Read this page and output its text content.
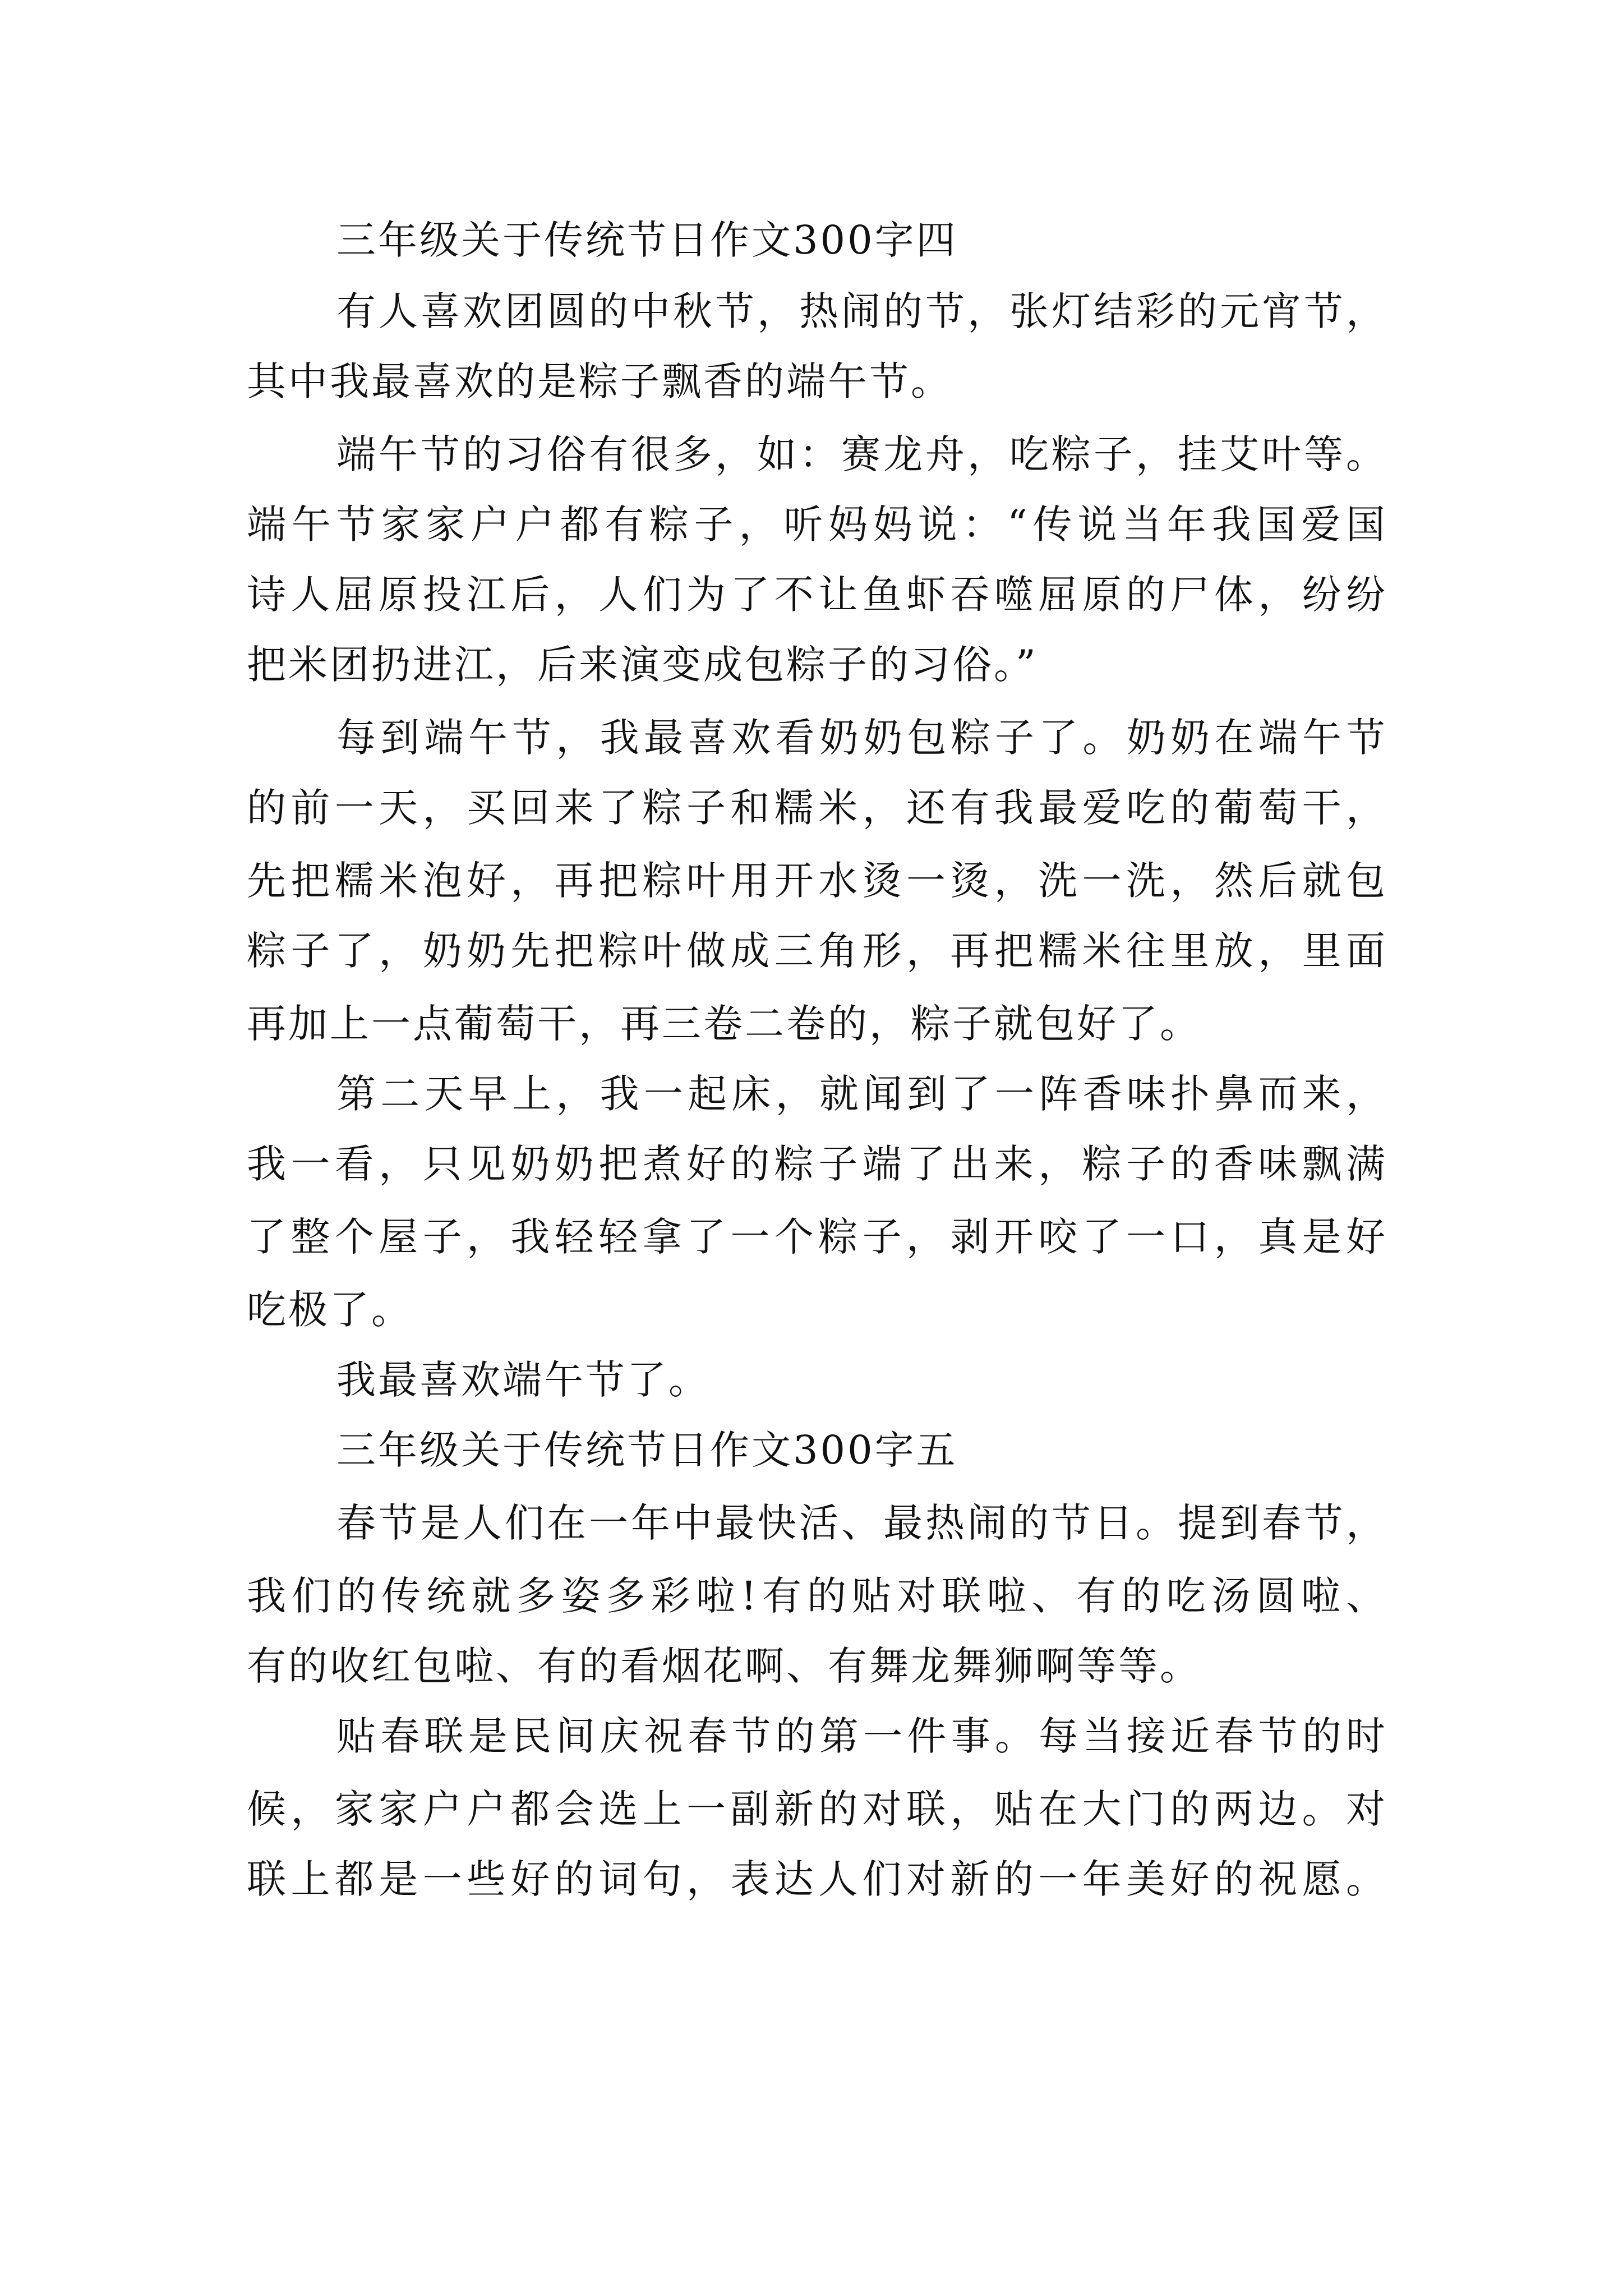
三年级关于传统节日作文300字四
有人喜欢团圆的中秋节，热闹的节，张灯结彩的元宵节，
其中我最喜欢的是粽子飘香的端午节。
端午节的习俗有很多，如：赛龙舟，吃粽子，挂艾叶等。
端午节家家户户都有粽子，听妈妈说：“传说当年我国爱国
诗人屈原投江后，人们为了不让鱼虾吞噬屈原的尸体，纷纷
把米团扔进江，后来演变成包粽子的习俗。”
每到端午节，我最喜欢看奶奶包粽子了。奶奶在端午节
的前一天，买回来了粽子和糯米，还有我最爱吃的葡萄干，
先把糯米泡好，再把粽叶用开水烫一烫，洗一洗，然后就包
粽子了，奶奶先把粽叶做成三角形，再把糯米往里放，里面
再加上一点葡萄干，再三卷二卷的，粽子就包好了。
第二天早上，我一起床，就闻到了一阵香味扑鼻而来，
我一看，只见奶奶把煮好的粽子端了出来，粽子的香味飘满
了整个屋子，我轻轻拿了一个粽子，剥开咬了一口，真是好
吃极了。
我最喜欢端午节了。
三年级关于传统节日作文300字五
春节是人们在一年中最快活、最热闹的节日。提到春节，
我们的传统就多姿多彩啦!有的贴对联啦、有的吃汤圆啦、
有的收红包啦、有的看烟花啊、有舞龙舞狮啊等等。
贴春联是民间庆祝春节的第一件事。每当接近春节的时
候，家家户户都会选上一副新的对联，贴在大门的两边。对
联上都是一些好的词句，表达人们对新的一年美好的祝愿。
